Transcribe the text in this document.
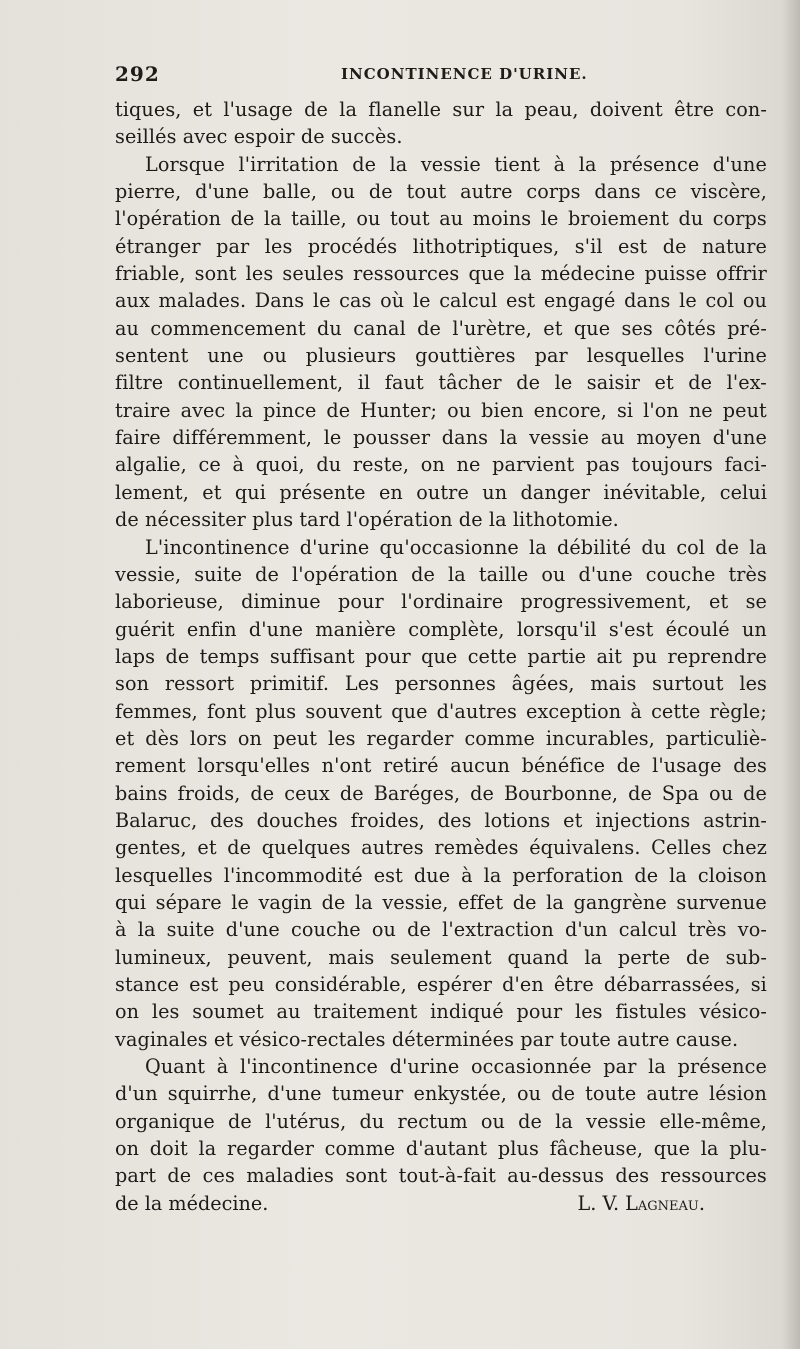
292	INCONTINENCE D'URINE.
tiques, et l'usage de la flanelle sur la peau, doivent être con-
seillés avec espoir de succès.
Lorsque l'irritation de la vessie tient à la présence d'une
pierre, d'une balle, ou de tout autre corps dans ce viscère,
l'opération de la taille, ou tout au moins le broiement du corps
étranger par les procédés lithotriptiques, s'il est de nature
friable, sont les seules ressources que la médecine puisse offrir
aux malades. Dans le cas où le calcul est engagé dans le col ou
au commencement du canal de l'urètre, et que ses côtés pré-
sentent une ou plusieurs gouttières par lesquelles l'urine
filtre continuellement, il faut tâcher de le saisir et de l'ex-
traire avec la pince de Hunter; ou bien encore, si l'on ne peut
faire différemment, le pousser dans la vessie au moyen d'une
algalie, ce à quoi, du reste, on ne parvient pas toujours faci-
lement, et qui présente en outre un danger inévitable, celui
de nécessiter plus tard l'opération de la lithotomie.
L'incontinence d'urine qu'occasionne la débilité du col de la
vessie, suite de l'opération de la taille ou d'une couche très
laborieuse, diminue pour l'ordinaire progressivement, et se
guérit enfin d'une manière complète, lorsqu'il s'est écoulé un
laps de temps suffisant pour que cette partie ait pu reprendre
son ressort primitif. Les personnes âgées, mais surtout les
femmes, font plus souvent que d'autres exception à cette règle;
et dès lors on peut les regarder comme incurables, particuliè-
rement lorsqu'elles n'ont retiré aucun bénéfice de l'usage des
bains froids, de ceux de Baréges, de Bourbonne, de Spa ou de
Balaruc, des douches froides, des lotions et injections astrin-
gentes, et de quelques autres remèdes équivalens. Celles chez
lesquelles l'incommodité est due à la perforation de la cloison
qui sépare le vagin de la vessie, effet de la gangrène survenue
à la suite d'une couche ou de l'extraction d'un calcul très vo-
lumineux, peuvent, mais seulement quand la perte de sub-
stance est peu considérable, espérer d'en être débarrassées, si
on les soumet au traitement indiqué pour les fistules vésico-
vaginales et vésico-rectales déterminées par toute autre cause.
Quant à l'incontinence d'urine occasionnée par la présence
d'un squirrhe, d'une tumeur enkystée, ou de toute autre lésion
organique de l'utérus, du rectum ou de la vessie elle-même,
on doit la regarder comme d'autant plus fâcheuse, que la plu-
part de ces maladies sont tout-à-fait au-dessus des ressources
de la médecine.	L. V. Lagneau.
